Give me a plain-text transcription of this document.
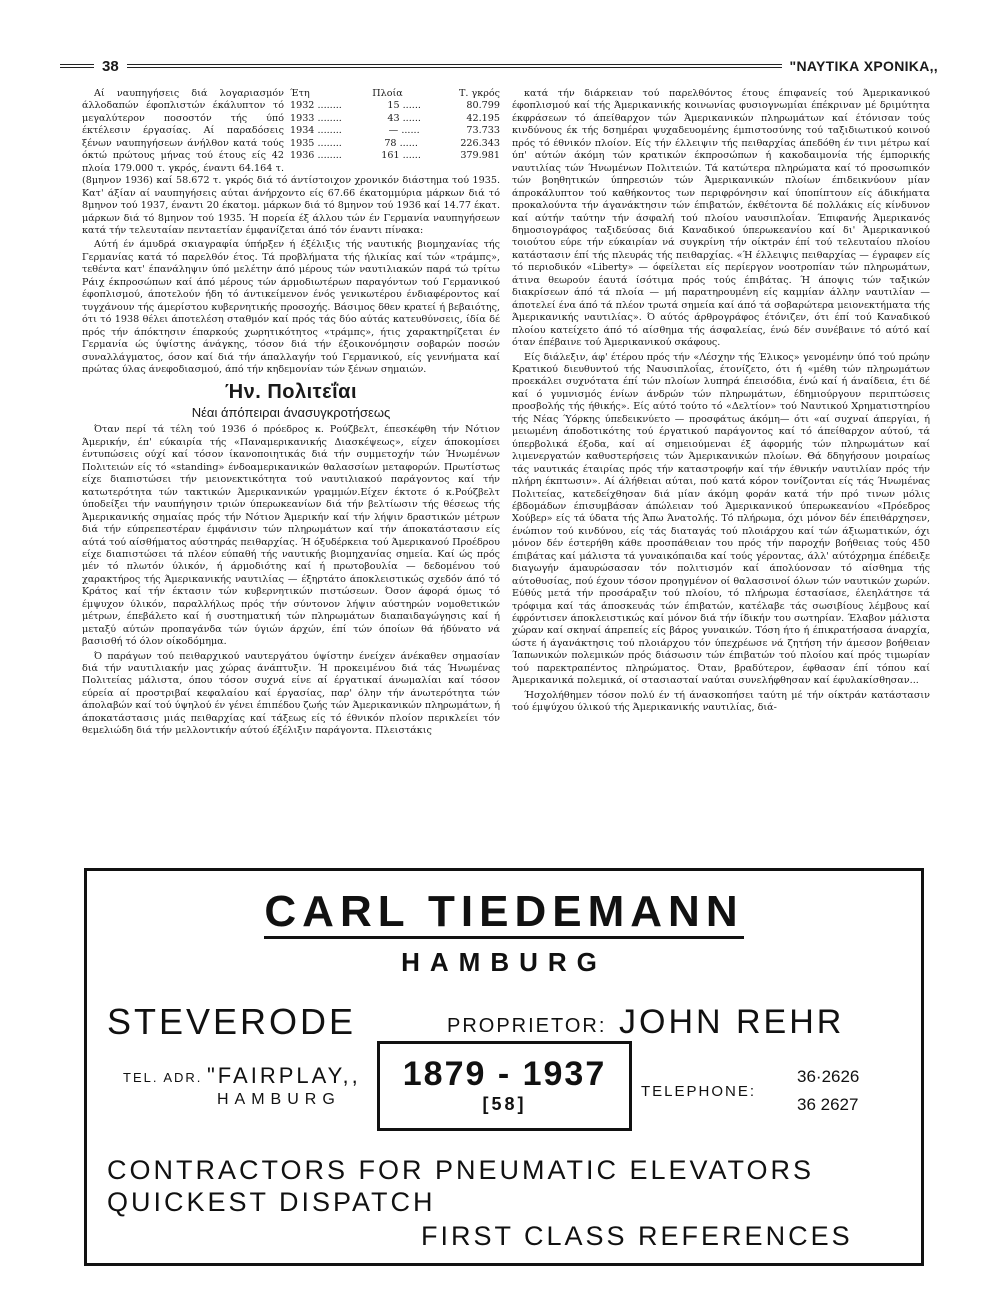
38	"ΝΑΥΤΙΚΑ ΧΡΟΝΙΚΑ,,
Έτη	Πλοία	Τ. γκρός
1932 ........	15 ......	80.799
1933 ........	43 ......	42.195
1934 ........	— ......	73.733
1935 ........	78 ......	226.343
1936 ........	161 ......	379.981

Αί ναυπηγήσεις διά λογαριασμόν άλλοδαπών έφοπλιστών έκάλυπτον τό μεγαλύτερον ποσοστόν τής ύπό έκτέλεσιν έργασίας. Αί παραδόσεις ξένων ναυπηγήσεων άνήλθον κατά τούς όκτώ πρώτους μήνας τού έτους είς 42 πλοία 179.000 τ. γκρός, έναντι 64.164 τ. (8μηνον 1936) καί 58.672 τ. γκρός διά τό άντίστοιχον χρονικόν διάστημα τού 1935. Κατ' άξίαν αί ναυπηγήσεις αύται άνήρχοντο είς 67.66 έκατομμύρια μάρκων διά τό 8μηνον τού 1937, έναντι 20 έκατομ. μάρκων διά τό 8μηνον τού 1936 καί 14.77 έκατ. μάρκων διά τό 8μηνον τού 1935. Ή πορεία έξ άλλου τών έν Γερμανία ναυπηγήσεων κατά τήν τελευταίαν πενταετίαν έμφανίζεται άπό τόν έναντι πίνακα:

Αύτή έν άμυδρά σκιαγραφία ύπήρξεν ή έξέλιξις τής ναυτικής βιομηχανίας τής Γερμανίας κατά τό παρελθόν έτος. Τά προβλήματα τής ήλικίας καί τών «τράμπς», τεθέντα κατ' έπανάληψιν ύπό μελέτην άπό μέρους τών ναυτιλιακών παρά τώ τρίτω Ράιχ έκπροσώπων καί άπό μέρους τών άρμοδιωτέρων παραγόντων τού Γερμανικού έφοπλισμού, άποτελούν ήδη τό άντικείμενον ένός γενικωτέρου ένδιαφέροντος καί τυγχάνουν τής άμερίστου κυβερνητικής προσοχής. Βάσιμος δθεν κρατεί ή βεβαιότης, ότι τό 1938 θέλει άποτελέση σταθμόν καί πρός τάς δύο αύτάς κατευθύνσεις, ίδία δέ πρός τήν άπόκτησιν έπαρκούς χωρητικότητος «τράμπς», ήτις χαρακτηρίζεται έν Γερμανία ώς ύψίστης άνάγκης, τόσον διά τήν έξοικονόμησιν σοβαρών ποσών συναλλάγματος, όσον καί διά τήν άπαλλαγήν τού Γερμανικού, είς γεννήματα καί πρώτας ύλας άνεφοδιασμού, άπό τήν κηδεμονίαν τών ξένων σημαιών.

Ήν. Πολιτεΐαι
Νέαι άπόπειραι άνασυγκροτήσεως

Όταν περί τά τέλη τού 1936 ό πρόεδρος κ. Ρούζβελτ, έπεσκέφθη τήν Νότιον Άμερικήν, έπ' εύκαιρία τής «Παναμερικανικής Διασκέψεως», είχεν άποκομίσει έντυπώσεις ούχί καί τόσον ίκανοποιητικάς διά τήν συμμετοχήν τών Ήνωμένων Πολιτειών είς τό «standing» ένδοαμερικανικών θαλασσίων μεταφορών. Πρωτίστως είχε διαπιστώσει τήν μειονεκτικότητα τού ναυτιλιακού παράγοντος καί τήν κατωτερότητα τών τακτικών Άμερικανικών γραμμών.Είχεν έκτοτε ό κ.Ρούζβελτ ύποδείξει τήν ναυπήγησιν τριών ύπερωκεανίων διά τήν βελτίωσιν τής θέσεως τής Άμερικανικής σημαίας πρός τήν Νότιον Άμερικήν καί τήν λήψιν δραστικών μέτρων διά τήν εύπρεπεστέραν έμφάνισιν τών πληρωμάτων καί τήν άποκατάστασιν είς αύτά τού αίσθήματος αύστηράς πειθαρχίας. Ή όξυδέρκεια τού Άμερικανού Προέδρου είχε διαπιστώσει τά πλέον εύπαθή τής ναυτικής βιομηχανίας σημεία. Καί ώς πρός μέν τό πλωτόν ύλικόν, ή άρμοδιότης καί ή πρωτοβουλία — δεδομένου τού χαρακτήρος τής Άμερικανικής ναυτιλίας — έξηρτάτο άποκλειστικώς σχεδόν άπό τό Κράτος καί τήν έκτασιν τών κυβερνητικών πιστώσεων. Όσον άφορά όμως τό έμψυχον ύλικόν, παραλλήλως πρός τήν σύντονον λήψιν αύστηρών νομοθετικών μέτρων, έπεβάλετο καί ή συστηματική τών πληρωμάτων διαπαιδαγώγησις καί ή μεταξύ αύτών προπαγάνδα τών ύγιών άρχών, έπί τών όποίων θά ήδύνατο νά βασισθή τό όλον οίκοδόμημα.

Ό παράγων τού πειθαρχικού ναυτεργάτου ύψίστην ένείχεν άνέκαθεν σημασίαν διά τήν ναυτιλιακήν μας χώρας άνάπτυξιν. Ή προκειμένου διά τάς Ήνωμένας Πολιτείας μάλιστα, όπου τόσον συχνά είνε αί έργατικαί άνωμαλίαι καί τόσον εύρεία αί προστριβαί κεφαλαίου καί έργασίας, παρ' όλην τήν άνωτερότητα τών άπολαβών καί τού ύψηλού έν γένει έπιπέδου ζωής τών Άμερικανικών πληρωμάτων, ή άποκατάστασις μιάς πειθαρχίας καί τάξεως είς τό έθνικόν πλοίον περικλείει τόν θεμελιώδη διά τήν μελλοντικήν αύτού έξέλιξιν παράγοντα. Πλειστάκις

κατά τήν διάρκειαν τού παρελθόντος έτους έπιφανείς τού Άμερικανικού έφοπλισμού καί τής Άμερικανικής κοινωνίας φυσιογνωμίαι έπέκριναν μέ δριμύτητα έκφράσεων τό άπείθαρχον τών Άμερικανικών πληρωμάτων καί έτόνισαν τούς κινδύνους έκ τής δσημέραι ψυχαδευομένης έμπιστοσύνης τού ταξιδιωτικού κοινού πρός τό έθνικόν πλοίον. Είς τήν έλλειψιν τής πειθαρχίας άπεδόθη έν τινι μέτρω καί ύπ' αύτών άκόμη τών κρατικών έκπροσώπων ή κακοδαιμονία τής έμπορικής ναυτιλίας τών Ήνωμένων Πολιτειών. Τά κατώτερα πληρώματα καί τό προσωπικόν τών βοηθητικών ύπηρεσιών τών Άμερικανικών πλοίων έπιδεικνύουν μίαν άπροκάλυπτον τού καθήκοντος των περιφρόνησιν καί ύποπίπτουν είς άδικήματα προκαλούντα τήν άγανάκτησιν τών έπιβατών, έκθέτοντα δέ πολλάκις είς κίνδυνον καί αύτήν ταύτην τήν άσφαλή τού πλοίου ναυσιπλοΐαν. Έπιφανής Άμερικανός δημοσιογράφος ταξιδεύσας διά Καναδικού ύπερωκεανίου καί δι' Άμερικανικού τοιούτου εύρε τήν εύκαιρίαν νά συγκρίνη τήν οίκτράν έπί τού τελευταίου πλοίου κατάστασιν έπί τής πλευράς τής πειθαρχίας. «Ή έλλειψις πειθαρχίας — έγραφεν είς τό περιοδικόν «Liberty» — όφείλεται είς περίεργον νοοτροπίαν τών πληρωμάτων, άτινα θεωρούν έαυτά ίσότιμα πρός τούς έπιβάτας. Ή άποψις τών ταξικών διακρίσεων άπό τά πλοία — μή παρατηρουμένη είς καμμίαν άλλην ναυτιλίαν — άποτελεί ένα άπό τά πλέον τρωτά σημεία καί άπό τά σοβαρώτερα μειονεκτήματα τής Άμερικανικής ναυτιλίας». Ό αύτός άρθρογράφος έτόνιζεν, ότι έπί τού Καναδικού πλοίου κατείχετο άπό τό αίσθημα τής άσφαλείας, ένώ δέν συνέβαινε τό αύτό καί όταν έπέβαινε τού Άμερικανικού σκάφους.

Είς διάλεξιν, άφ' έτέρου πρός τήν «Λέσχην τής Έλικος» γενομένην ύπό τού πρώην Κρατικού διευθυντού τής Ναυσιπλοΐας, έτονίζετο, ότι ή «μέθη τών πληρωμάτων προεκάλει συχνότατα έπί τών πλοίων λυπηρά έπεισόδια, ένώ καί ή άναίδεια, έτι δέ καί ό γυμνισμός ένίων άνδρών τών πληρωμάτων, έδημιούργουν περιπτώσεις προσβολής τής ήθικής». Είς αύτό τούτο τό «Δελτίον» τού Ναυτικού Χρηματιστηρίου τής Νέας Ύόρκης ύπεδεικνύετο — προσφάτως άκόμη— ότι «αί συχναί άπεργίαι, ή μειωμένη άποδοτικότης τού έργατικού παράγοντος καί τό άπείθαρχον αύτού, τά ύπερβολικά έξοδα, καί αί σημειούμεναι έξ άφορμής τών πληρωμάτων καί λιμενεργατών καθυστερήσεις τών Άμερικανικών πλοίων. Θά δδηγήσουν μοιραίως τάς ναυτικάς έταιρίας πρός τήν καταστροφήν καί τήν έθνικήν ναυτιλίαν πρός τήν πλήρη έκπτωσιν». Αί άλήθειαι αύται, πού κατά κόρον τονίζονται είς τάς Ήνωμένας Πολιτείας, κατεδείχθησαν διά μίαν άκόμη φοράν κατά τήν πρό τινων μόλις έβδομάδων έπισυμβάσαν άπώλειαν τού Άμερικανικού ύπερωκεανίου «Πρόεδρος Χούβερ» είς τά ύδατα τής Άπω Άνατολής. Τό πλήρωμα, όχι μόνον δέν έπειθάρχησεν, ένώπιον τού κινδύνου, είς τάς διαταγάς τού πλοιάρχου καί τών άξιωματικών, όχι μόνον δέν έστερήθη κάθε προσπάθειαν του πρός τήν παροχήν βοήθειας τούς 450 έπιβάτας καί μάλιστα τά γυναικόπαιδα καί τούς γέροντας, άλλ' αύτόχρημα έπέδειξε διαγωγήν άμαυρώσασαν τόν πολιτισμόν καί άπολύονσαν τό αίσθημα τής αύτοθυσίας, πού έχουν τόσον προηγμένον οί θαλασσινοί όλων τών ναυτικών χωρών. Εύθύς μετά τήν προσάραξιν τού πλοίου, τό πλήρωμα έστασίασε, έλεηλάτησε τά τρόφιμα καί τάς άποσκευάς τών έπιβατών, κατέλαβε τάς σωσιβίους λέμβους καί έφρόντισεν άποκλειστικώς καί μόνον διά τήν ίδικήν του σωτηρίαν. Έλαβον μάλιστα χώραν καί σκηναί άπρεπείς είς βάρος γυναικών. Τόση ήτο ή έπικρατήσασα άναρχία, ώστε ή άγανάκτησις τού πλοιάρχου τόν ύπεχρέωσε νά ζητήση τήν άμεσον βοήθειαν Ίαπωνικών πολεμικών πρός διάσωσιν τών έπιβατών τού πλοίου καί πρός τιμωρίαν τού παρεκτραπέντος πληρώματος. Όταν, βραδύτερον, έφθασαν έπί τόπου καί Άμερικανικά πολεμικά, οί στασιασταί ναύται συνελήφθησαν καί έφυλακίσθησαν...

Ήσχολήθημεν τόσον πολύ έν τή άνασκοπήσει ταύτη μέ τήν οίκτράν κατάστασιν τού έμψύχου ύλικού τής Άμερικανικής ναυτιλίας, διά-

CARL TIEDEMANN
HAMBURG
STEVERODE	PROPRIETOR: JOHN REHR
TEL. ADR. "FAIRPLAY,,
HAMBURG
1879 - 1937
[58]
TELEPHONE:
36·2626
36 2627
CONTRACTORS FOR PNEUMATIC ELEVATORS
QUICKEST DISPATCH
FIRST CLASS REFERENCES
